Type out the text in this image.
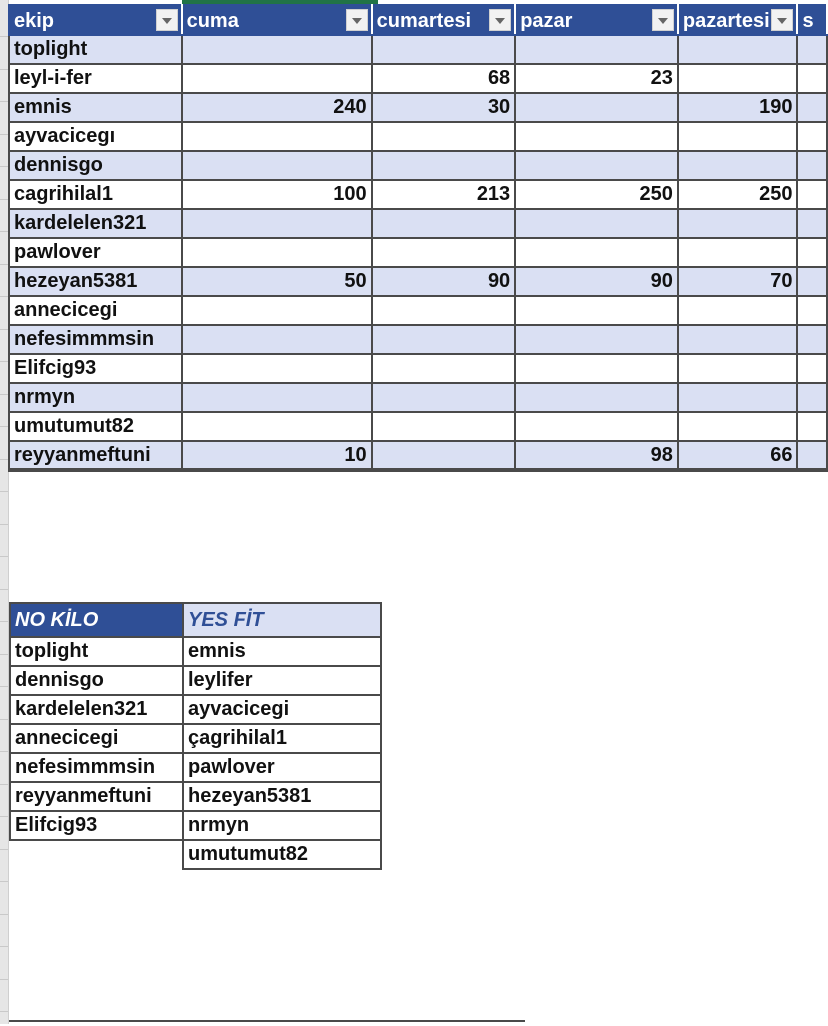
ekip	cuma	cumartesi	pazar	pazartesi	s
toplight					
leyl-i-fer		68	23		
emnis	240	30		190	
ayvacicegı					
dennisgo					
cagrihilal1	100	213	250	250	
kardelelen321					
pawlover					
hezeyan5381	50	90	90	70	
annecicegi					
nefesimmmsin					
Elifcig93					
nrmyn					
umutumut82					
reyyanmeftuni	10		98	66	
NO KİLO	YES FİT
toplight	emnis
dennisgo	leylifer
kardelelen321	ayvacicegi
annecicegi	çagrihilal1
nefesimmmsin	pawlover
reyyanmeftuni	hezeyan5381
Elifcig93	nrmyn
	umutumut82
